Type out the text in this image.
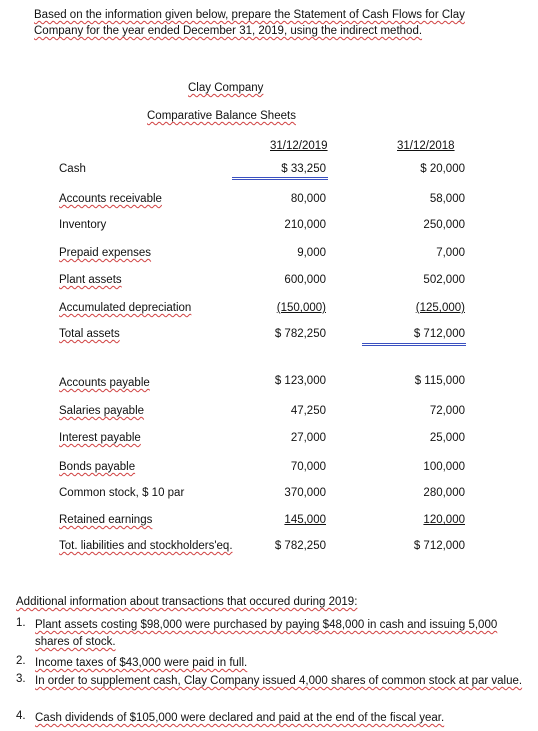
Based on the information given below, prepare the Statement of Cash Flows for Clay
Company for the year ended December 31, 2019, using the indirect method.
Clay Company
Comparative Balance Sheets
31/12/2019	31/12/2018
Cash	$ 33,250	$ 20,000
Accounts receivable	80,000	58,000
Inventory	210,000	250,000
Prepaid expenses	9,000	7,000
Plant assets	600,000	502,000
Accumulated depreciation	(150,000)	(125,000)
Total assets	$ 782,250	$ 712,000
Accounts payable	$ 123,000	$ 115,000
Salaries payable	47,250	72,000
Interest payable	27,000	25,000
Bonds payable	70,000	100,000
Common stock, $ 10 par	370,000	280,000
Retained earnings	145,000	120,000
Tot. liabilities and stockholders'eq.	$ 782,250	$ 712,000
Additional information about transactions that occured during 2019:
1. Plant assets costing $98,000 were purchased by paying $48,000 in cash and issuing 5,000 shares of stock.
2. Income taxes of $43,000 were paid in full.
3. In order to supplement cash, Clay Company issued 4,000 shares of common stock at par value.
4. Cash dividends of $105,000 were declared and paid at the end of the fiscal year.
